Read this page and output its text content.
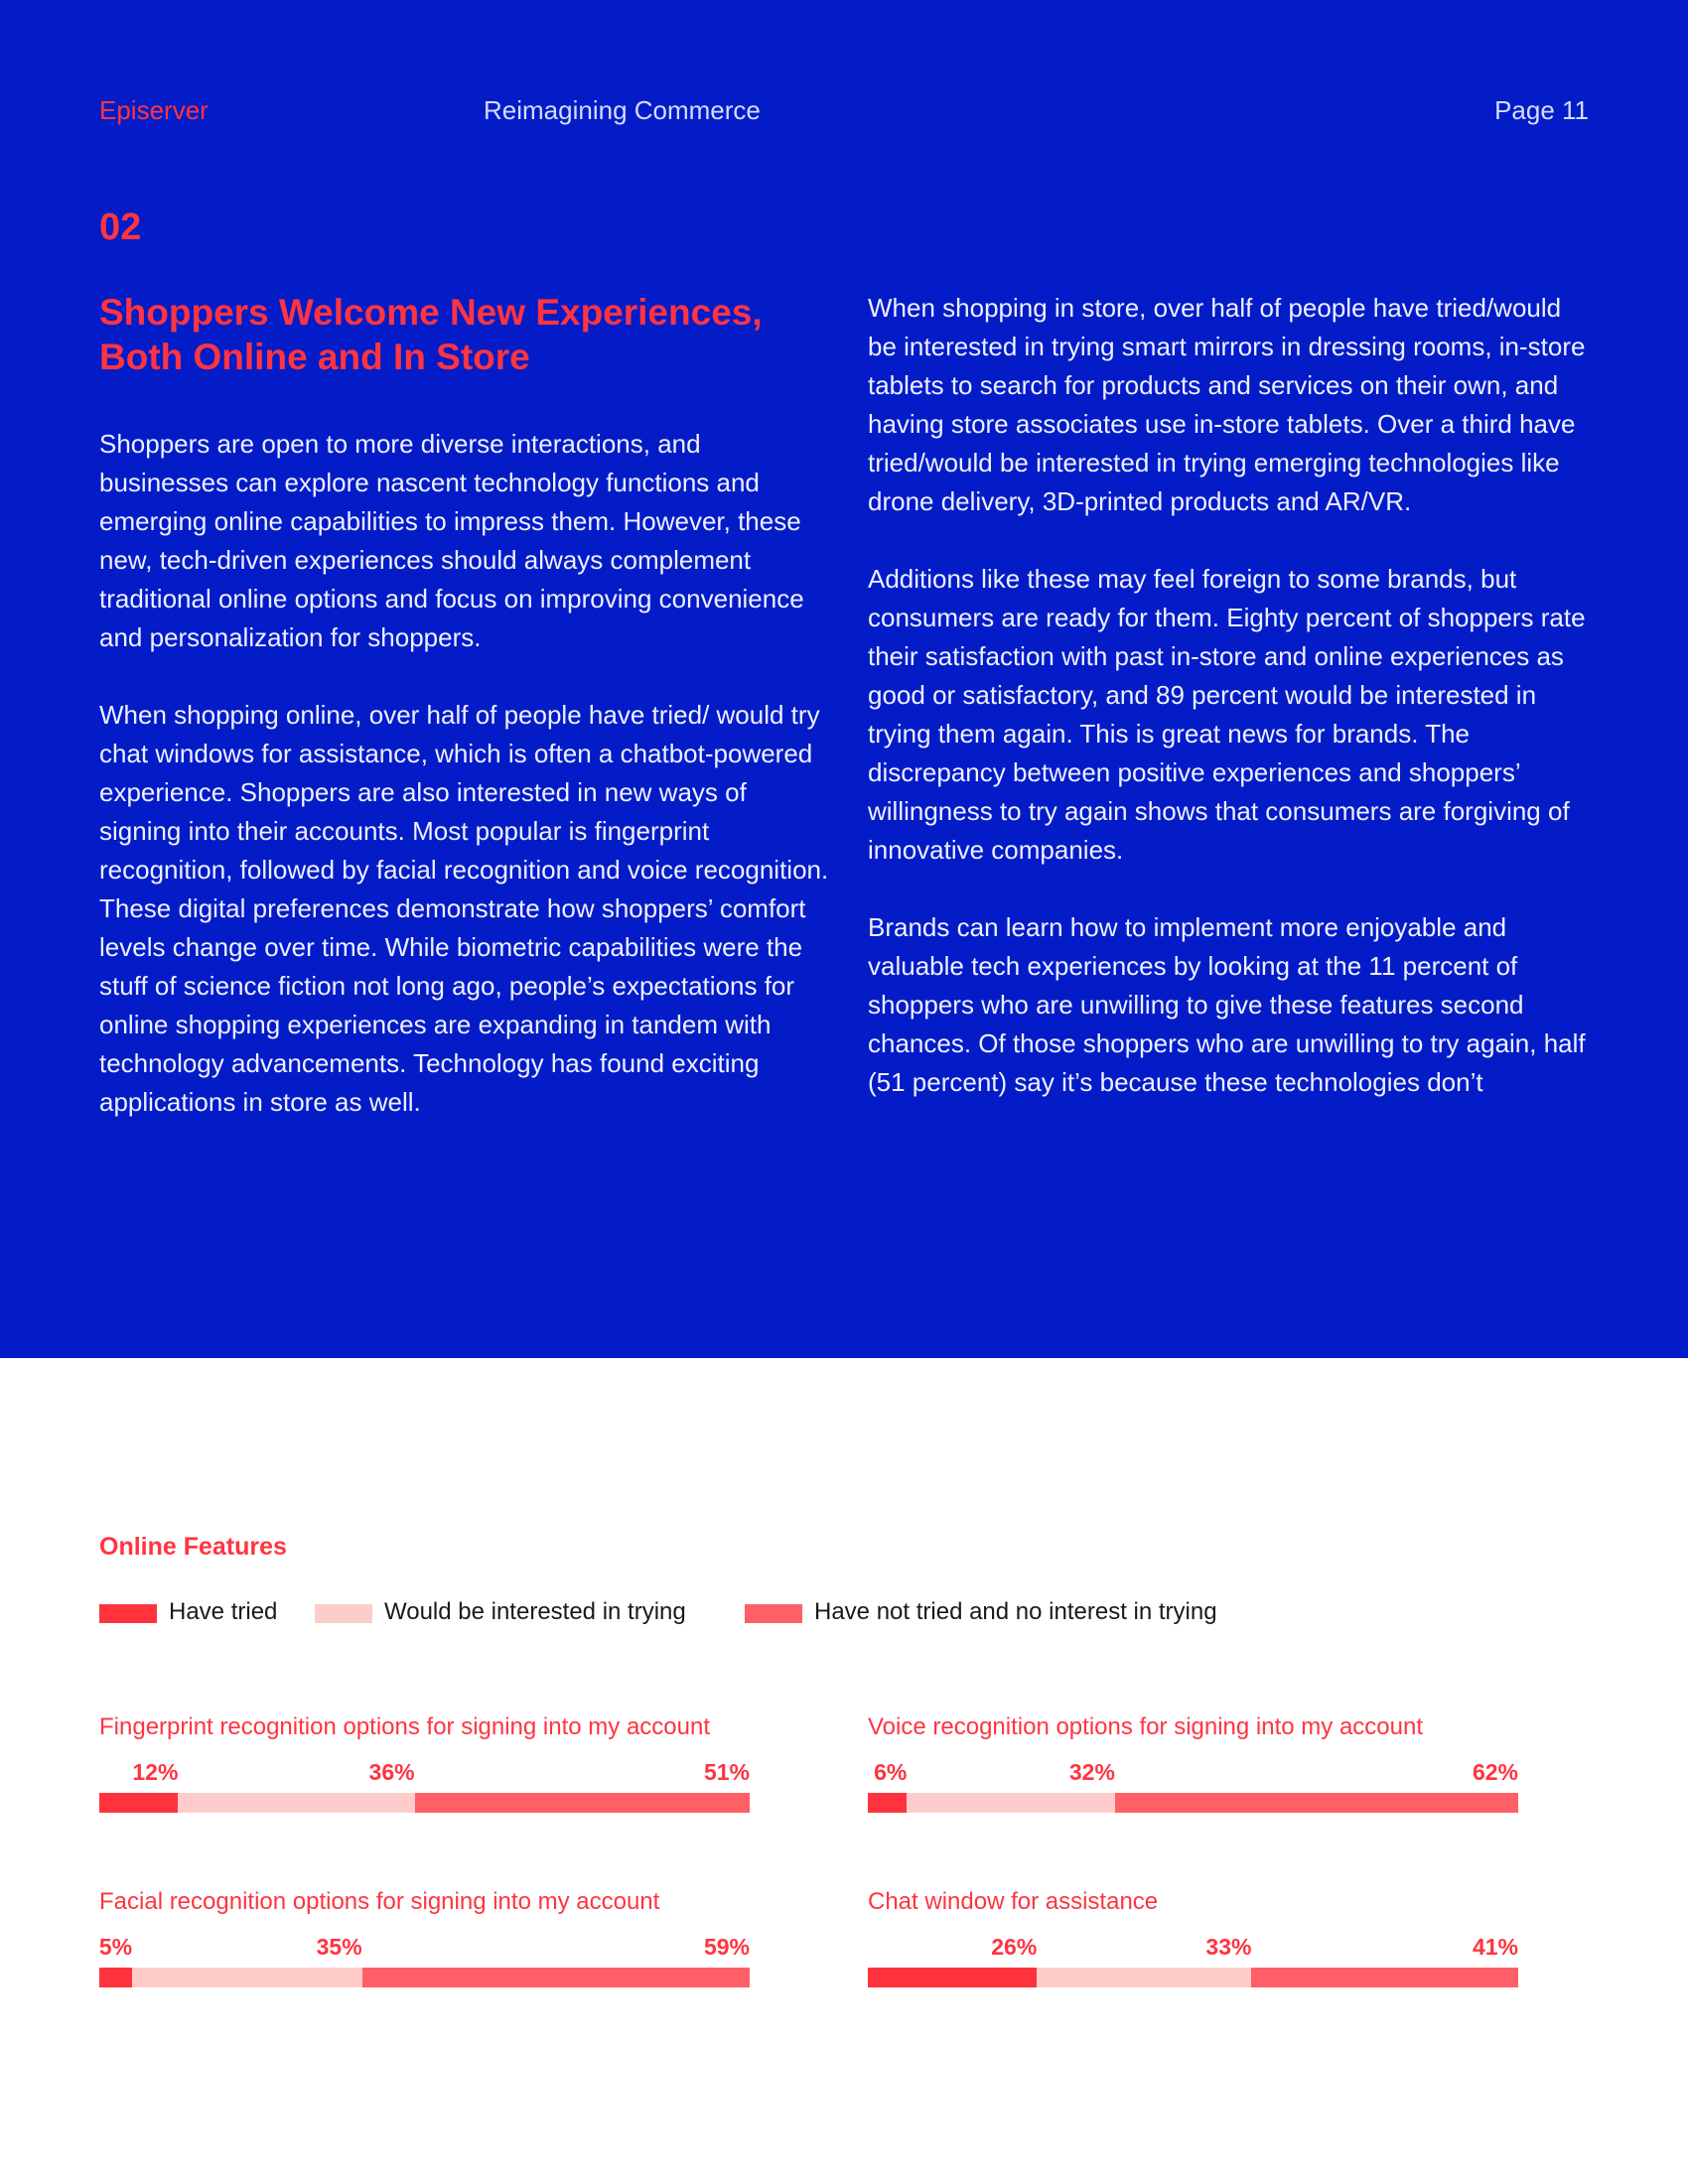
Episerver	Reimagining Commerce	Page 11
02
Shoppers Welcome New Experiences,
Both Online and In Store

Shoppers are open to more diverse interactions, and businesses can explore nascent technology functions and emerging online capabilities to impress them. However, these new, tech-driven experiences should always complement traditional online options and focus on improving convenience and personalization for shoppers.

When shopping online, over half of people have tried/ would try chat windows for assistance, which is often a chatbot-powered experience. Shoppers are also interested in new ways of signing into their accounts. Most popular is fingerprint recognition, followed by facial recognition and voice recognition. These digital preferences demonstrate how shoppers’ comfort levels change over time. While biometric capabilities were the stuff of science fiction not long ago, people’s expectations for online shopping experiences are expanding in tandem with technology advancements. Technology has found exciting applications in store as well.

When shopping in store, over half of people have tried/would be interested in trying smart mirrors in dressing rooms, in-store tablets to search for products and services on their own, and having store associates use in-store tablets. Over a third have tried/would be interested in trying emerging technologies like drone delivery, 3D-printed products and AR/VR.

Additions like these may feel foreign to some brands, but consumers are ready for them. Eighty percent of shoppers rate their satisfaction with past in-store and online experiences as good or satisfactory, and 89 percent would be interested in trying them again. This is great news for brands. The discrepancy between positive experiences and shoppers’ willingness to try again shows that consumers are forgiving of innovative companies.

Brands can learn how to implement more enjoyable and valuable tech experiences by looking at the 11 percent of shoppers who are unwilling to give these features second chances. Of those shoppers who are unwilling to try again, half (51 percent) say it’s because these technologies don’t

Online Features
Have tried	Would be interested in trying	Have not tried and no interest in trying
Fingerprint recognition options for signing into my account
12%	36%	51%
Voice recognition options for signing into my account
6%	32%	62%
Facial recognition options for signing into my account
5%	35%	59%
Chat window for assistance
26%	33%	41%
